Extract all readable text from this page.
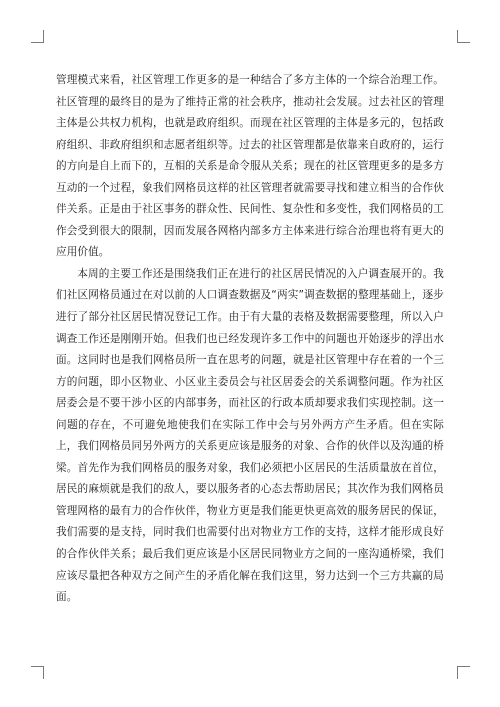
管理模式来看，社区管理工作更多的是一种结合了多方主体的一个综合治理工作。社区管理的最终目的是为了维持正常的社会秩序，推动社会发展。过去社区的管理主体是公共权力机构，也就是政府组织。而现在社区管理的主体是多元的，包括政府组织、非政府组织和志愿者组织等。过去的社区管理都是依靠来自政府的，运行的方向是自上而下的，互相的关系是命令服从关系；现在的社区管理更多的是多方互动的一个过程，象我们网格员这样的社区管理者就需要寻找和建立相当的合作伙伴关系。正是由于社区事务的群众性、民间性、复杂性和多变性，我们网格员的工作会受到很大的限制，因而发展各网格内部多方主体来进行综合治理也将有更大的应用价值。

本周的主要工作还是围绕我们正在进行的社区居民情况的入户调查展开的。我们社区网格员通过在对以前的人口调查数据及“两实”调查数据的整理基础上，逐步进行了部分社区居民情况登记工作。由于有大量的表格及数据需要整理，所以入户调查工作还是刚刚开始。但我们也已经发现许多工作中的问题也开始逐步的浮出水面。这同时也是我们网格员所一直在思考的问题，就是社区管理中存在着的一个三方的问题，即小区物业、小区业主委员会与社区居委会的关系调整问题。作为社区居委会是不要干涉小区的内部事务，而社区的行政本质却要求我们实现控制。这一问题的存在，不可避免地使我们在实际工作中会与另外两方产生矛盾。但在实际上，我们网格员同另外两方的关系更应该是服务的对象、合作的伙伴以及沟通的桥梁。首先作为我们网格员的服务对象，我们必须把小区居民的生活质量放在首位，居民的麻烦就是我们的敌人，要以服务者的心态去帮助居民；其次作为我们网格员管理网格的最有力的合作伙伴，物业方更是我们能更快更高效的服务居民的保证，我们需要的是支持，同时我们也需要付出对物业方工作的支持，这样才能形成良好的合作伙伴关系；最后我们更应该是小区居民同物业方之间的一座沟通桥梁，我们应该尽量把各种双方之间产生的矛盾化解在我们这里，努力达到一个三方共赢的局面。
